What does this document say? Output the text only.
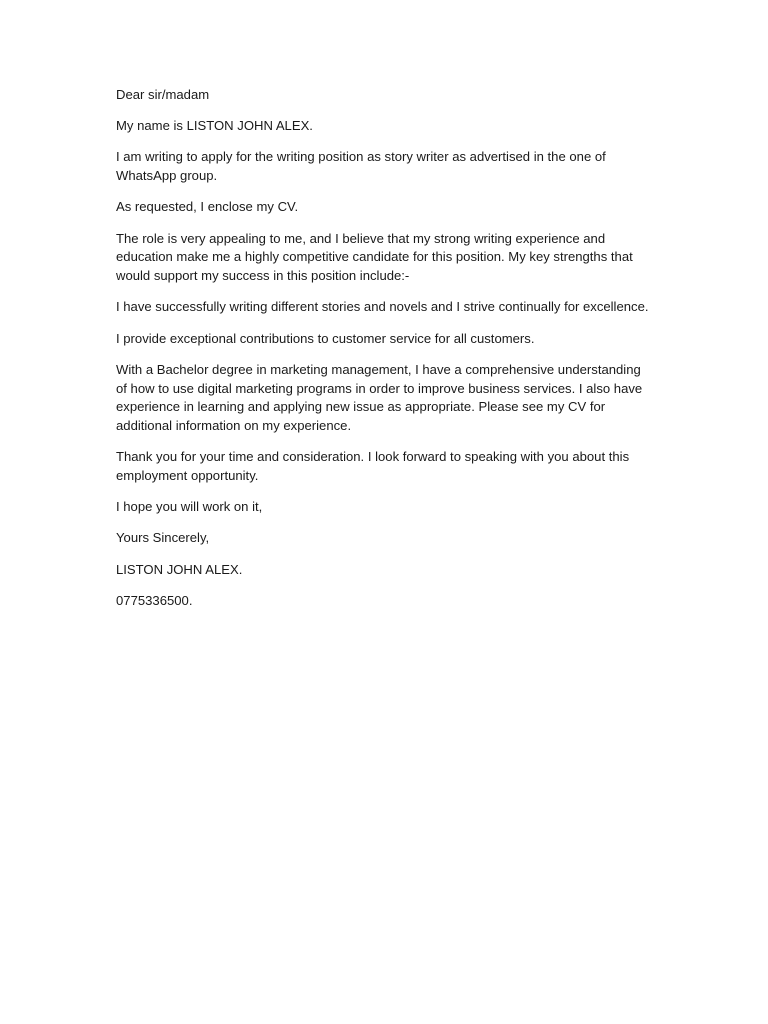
Dear sir/madam

My name is LISTON JOHN ALEX.

I am writing to apply for the writing position as story writer as advertised in the one of WhatsApp group.

As requested, I enclose my CV.

The role is very appealing to me, and I believe that my strong writing experience and education make me a highly competitive candidate for this position. My key strengths that would support my success in this position include:-

I have successfully writing different stories and novels and I strive continually for excellence.

I provide exceptional contributions to customer service for all customers.

With a Bachelor degree in marketing management, I have a comprehensive understanding of how to use digital marketing programs in order to improve business services. I also have experience in learning and applying new issue as appropriate. Please see my CV for additional information on my experience.

Thank you for your time and consideration. I look forward to speaking with you about this employment opportunity.

I hope you will work on it,

Yours Sincerely,

LISTON JOHN ALEX.

0775336500.
